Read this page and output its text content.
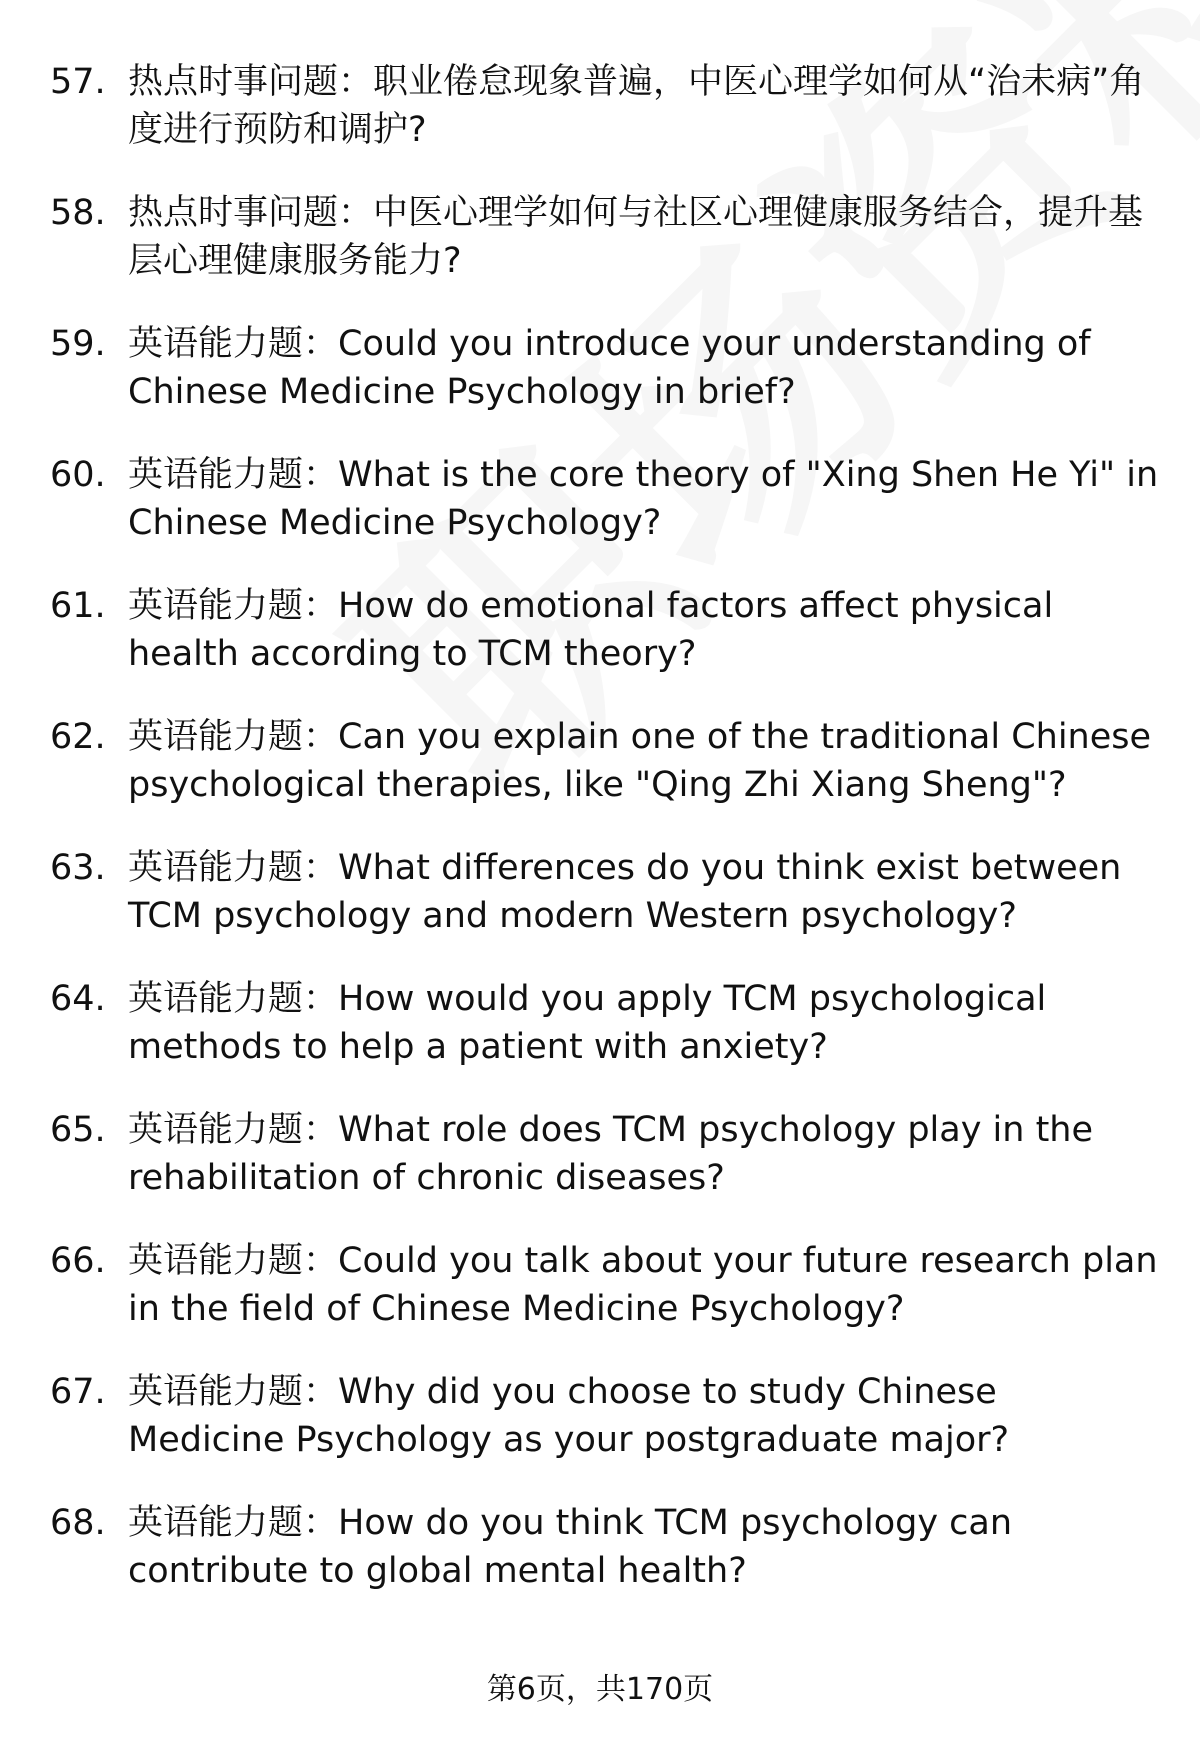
57. 热点时事问题：职业倦怠现象普遍，中医心理学如何从“治未病”角度进行预防和调护?
58. 热点时事问题：中医心理学如何与社区心理健康服务结合，提升基层心理健康服务能力?
59. 英语能力题：Could you introduce your understanding of Chinese Medicine Psychology in brief?
60. 英语能力题：What is the core theory of "Xing Shen He Yi" in Chinese Medicine Psychology?
61. 英语能力题：How do emotional factors affect physical health according to TCM theory?
62. 英语能力题：Can you explain one of the traditional Chinese psychological therapies, like "Qing Zhi Xiang Sheng"?
63. 英语能力题：What differences do you think exist between TCM psychology and modern Western psychology?
64. 英语能力题：How would you apply TCM psychological methods to help a patient with anxiety?
65. 英语能力题：What role does TCM psychology play in the rehabilitation of chronic diseases?
66. 英语能力题：Could you talk about your future research plan in the field of Chinese Medicine Psychology?
67. 英语能力题：Why did you choose to study Chinese Medicine Psychology as your postgraduate major?
68. 英语能力题：How do you think TCM psychology can contribute to global mental health?
第6页，共170页
